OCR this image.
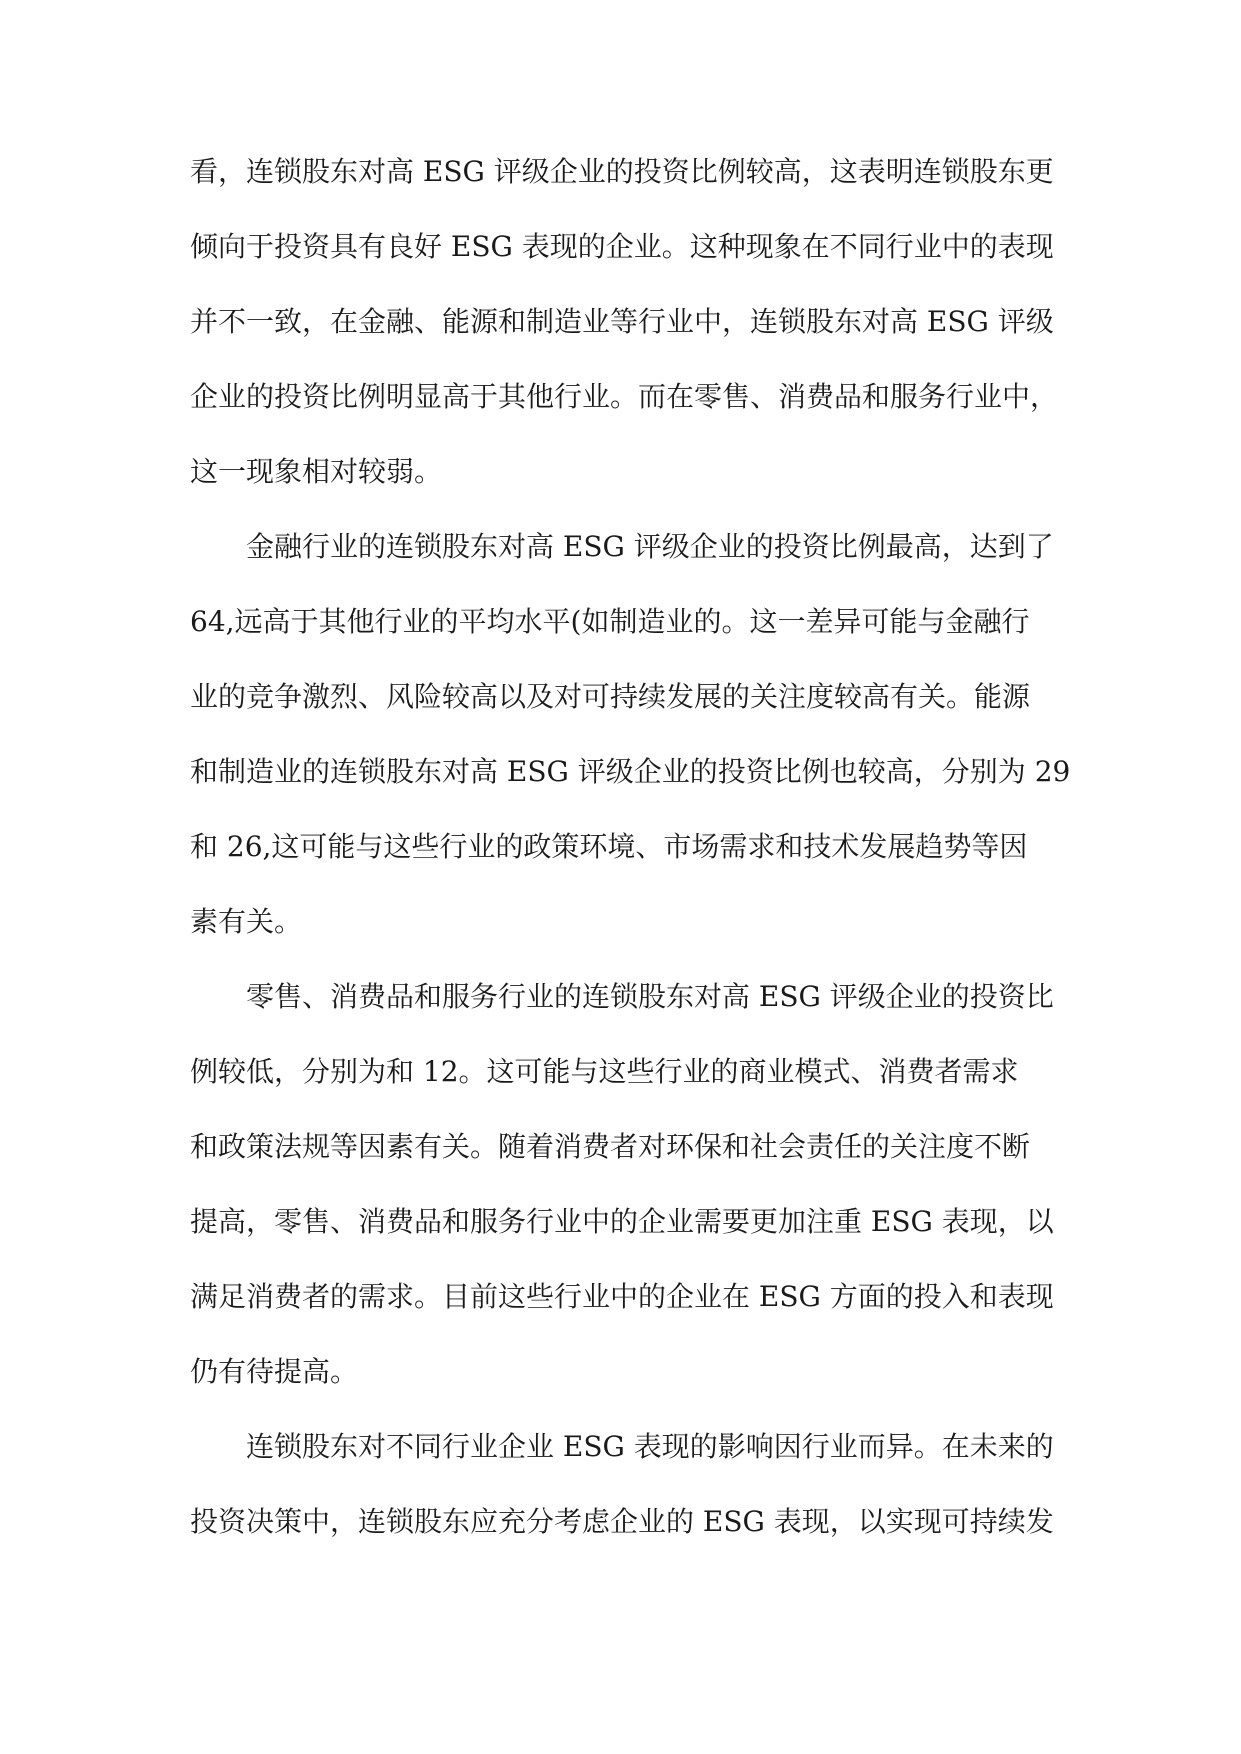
看，连锁股东对高 ESG 评级企业的投资比例较高，这表明连锁股东更
倾向于投资具有良好 ESG 表现的企业。这种现象在不同行业中的表现
并不一致，在金融、能源和制造业等行业中，连锁股东对高 ESG 评级
企业的投资比例明显高于其他行业。而在零售、消费品和服务行业中，
这一现象相对较弱。
金融行业的连锁股东对高 ESG 评级企业的投资比例最高，达到了
64,远高于其他行业的平均水平(如制造业的。这一差异可能与金融行
业的竞争激烈、风险较高以及对可持续发展的关注度较高有关。能源
和制造业的连锁股东对高 ESG 评级企业的投资比例也较高，分别为 29
和 26,这可能与这些行业的政策环境、市场需求和技术发展趋势等因
素有关。
零售、消费品和服务行业的连锁股东对高 ESG 评级企业的投资比
例较低，分别为和 12。这可能与这些行业的商业模式、消费者需求
和政策法规等因素有关。随着消费者对环保和社会责任的关注度不断
提高，零售、消费品和服务行业中的企业需要更加注重 ESG 表现，以
满足消费者的需求。目前这些行业中的企业在 ESG 方面的投入和表现
仍有待提高。
连锁股东对不同行业企业 ESG 表现的影响因行业而异。在未来的
投资决策中，连锁股东应充分考虑企业的 ESG 表现，以实现可持续发
